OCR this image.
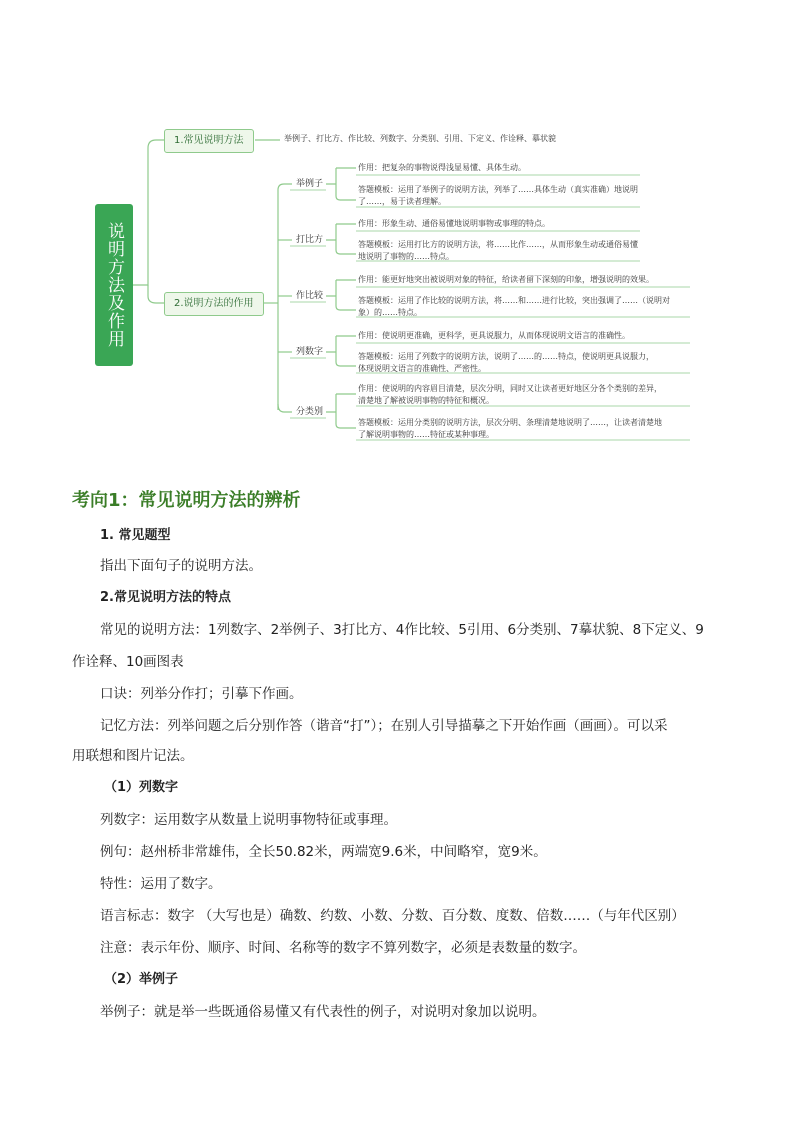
说明方法及作用
1.常见说明方法	举例子、打比方、作比较、列数字、分类别、引用、下定义、作诠释、摹状貌
2.说明方法的作用
举例子
作用：把复杂的事物说得浅显易懂、具体生动。
答题模板：运用了举例子的说明方法，列举了……具体生动（真实准确）地说明了……，易于读者理解。
打比方
作用：形象生动、通俗易懂地说明事物或事理的特点。
答题模板：运用打比方的说明方法，将……比作……，从而形象生动或通俗易懂地说明了事物的……特点。
作比较
作用：能更好地突出被说明对象的特征，给读者留下深刻的印象，增强说明的效果。
答题模板：运用了作比较的说明方法，将……和……进行比较，突出强调了……（说明对象）的……特点。
列数字
作用：使说明更准确，更科学，更具说服力，从而体现说明文语言的准确性。
答题模板：运用了列数字的说明方法，说明了……的……特点，使说明更具说服力，体现说明文语言的准确性、严密性。
分类别
作用：使说明的内容眉目清楚，层次分明，同时又让读者更好地区分各个类别的差异，清楚地了解被说明事物的特征和概况。
答题模板：运用分类别的说明方法，层次分明、条理清楚地说明了……，让读者清楚地了解说明事物的……特征或某种事理。
考向1：常见说明方法的辨析
1. 常见题型
指出下面句子的说明方法。
2.常见说明方法的特点
常见的说明方法：1列数字、2举例子、3打比方、4作比较、5引用、6分类别、7摹状貌、8下定义、9
作诠释、10画图表
口诀：列举分作打；引摹下作画。
记忆方法：列举问题之后分别作答（谐音“打”）；在别人引导描摹之下开始作画（画画）。可以采
用联想和图片记法。
（1）列数字
列数字：运用数字从数量上说明事物特征或事理。
例句：赵州桥非常雄伟，全长50.82米，两端宽9.6米，中间略窄，宽9米。
特性：运用了数字。
语言标志：数字 （大写也是）确数、约数、小数、分数、百分数、度数、倍数……（与年代区别）
注意：表示年份、顺序、时间、名称等的数字不算列数字，必须是表数量的数字。
（2）举例子
举例子：就是举一些既通俗易懂又有代表性的例子，对说明对象加以说明。
